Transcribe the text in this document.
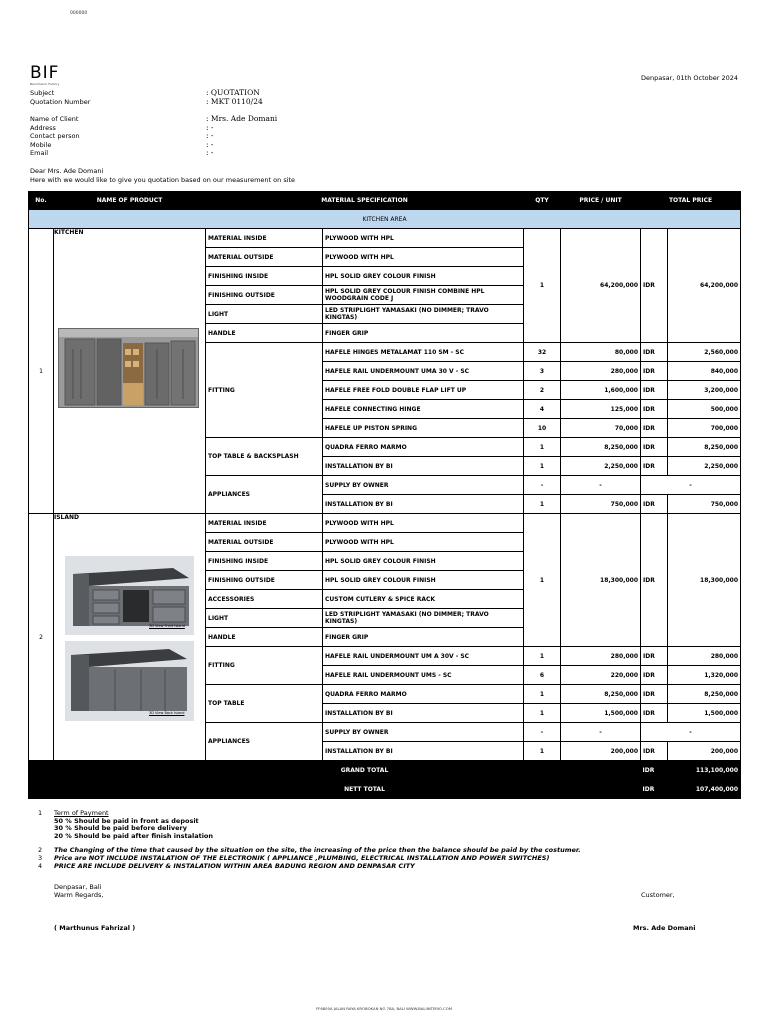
000000
BIF
Bali Interior Factory
Denpasar, 01th October 2024
Subject	: QUOTATION
Quotation Number	: MKT 0110/24
Name of Client	: Mrs. Ade Domani
Address	: -
Contact person	: -
Mobile	: -
Email	: -
Dear Mrs. Ade Domani
Here with we would like to give you quotation based on our measurement on site
No.	NAME OF PRODUCT	MATERIAL SPECIFICATION		QTY	PRICE / UNIT	TOTAL PRICE	
KITCHEN AREA							
1	KITCHEN	MATERIAL INSIDE	PLYWOOD WITH HPL	1	64,200,000	IDR	64,200,000
		MATERIAL OUTSIDE	PLYWOOD WITH HPL				
		FINISHING INSIDE	HPL SOLID GREY COLOUR FINISH				
		FINISHING OUTSIDE	HPL SOLID GREY COLOUR FINISH COMBINE HPL WOODGRAIN CODE J				
		LIGHT	LED STRIPLIGHT YAMASAKI (NO DIMMER; TRAVO KINGTAS)				
		HANDLE	FINGER GRIP				
		FITTING	HAFELE HINGES METALAMAT 110 SM - SC	32	80,000	IDR	2,560,000
			HAFELE RAIL UNDERMOUNT UMA 30 V - SC	3	280,000	IDR	840,000
			HAFELE FREE FOLD DOUBLE FLAP LIFT UP	2	1,600,000	IDR	3,200,000
			HAFELE CONNECTING HINGE	4	125,000	IDR	500,000
			HAFELE UP PISTON SPRING	10	70,000	IDR	700,000
		TOP TABLE & BACKSPLASH	QUADRA FERRO MARMO	1	8,250,000	IDR	8,250,000
			INSTALLATION BY BI	1	2,250,000	IDR	2,250,000
		APPLIANCES	SUPPLY BY OWNER	-	-	-	
			INSTALLATION BY BI	1	750,000	IDR	750,000
2	ISLAND	MATERIAL INSIDE	PLYWOOD WITH HPL	1	18,300,000	IDR	18,300,000
		MATERIAL OUTSIDE	PLYWOOD WITH HPL				
		FINISHING INSIDE	HPL SOLID GREY COLOUR FINISH				
		FINISHING OUTSIDE	HPL SOLID GREY COLOUR FINISH				
		ACCESSORIES	CUSTOM CUTLERY & SPICE RACK				
		LIGHT	LED STRIPLIGHT YAMASAKI (NO DIMMER; TRAVO KINGTAS)				
		HANDLE	FINGER GRIP				
		FITTING	HAFELE RAIL UNDERMOUNT UM A 30V - SC	1	280,000	IDR	280,000
			HAFELE RAIL UNDERMOUNT UMS - SC	6	220,000	IDR	1,320,000
		TOP TABLE	QUADRA FERRO MARMO	1	8,250,000	IDR	8,250,000
			INSTALLATION BY BI	1	1,500,000	IDR	1,500,000
		APPLIANCES	SUPPLY BY OWNER	-	-	-	
			INSTALLATION BY BI	1	200,000	IDR	200,000
		GRAND TOTAL				IDR	113,100,000
		NETT TOTAL				IDR	107,400,000
3D View Front Island
3D View Back Island
1 Term of Payment
50 % Should be paid in front as deposit
30 % Should be paid before delivery
20 % Should be paid after finish instalation
2 The Changing of the time that caused by the situation on the site, the increasing of the price then the balance should be paid by the costumer.
3 Price are NOT INCLUDE INSTALATION OF THE ELECTRONIK ( APPLIANCE ,PLUMBING, ELECTRICAL INSTALLATION AND POWER SWITCHES)
4 PRICE ARE INCLUDE DELIVERY & INSTALATION WITHIN AREA BADUNG REGION AND DENPASAR CITY
Denpasar, Bali
Warm Regards,	Customer,
( Marthunus Fahrizal )	Mrs. Ade Domani
FF6800A JALAN RAYA KROBOKAN NO 78A, BALI WWW.BALIINTERIO.COM
